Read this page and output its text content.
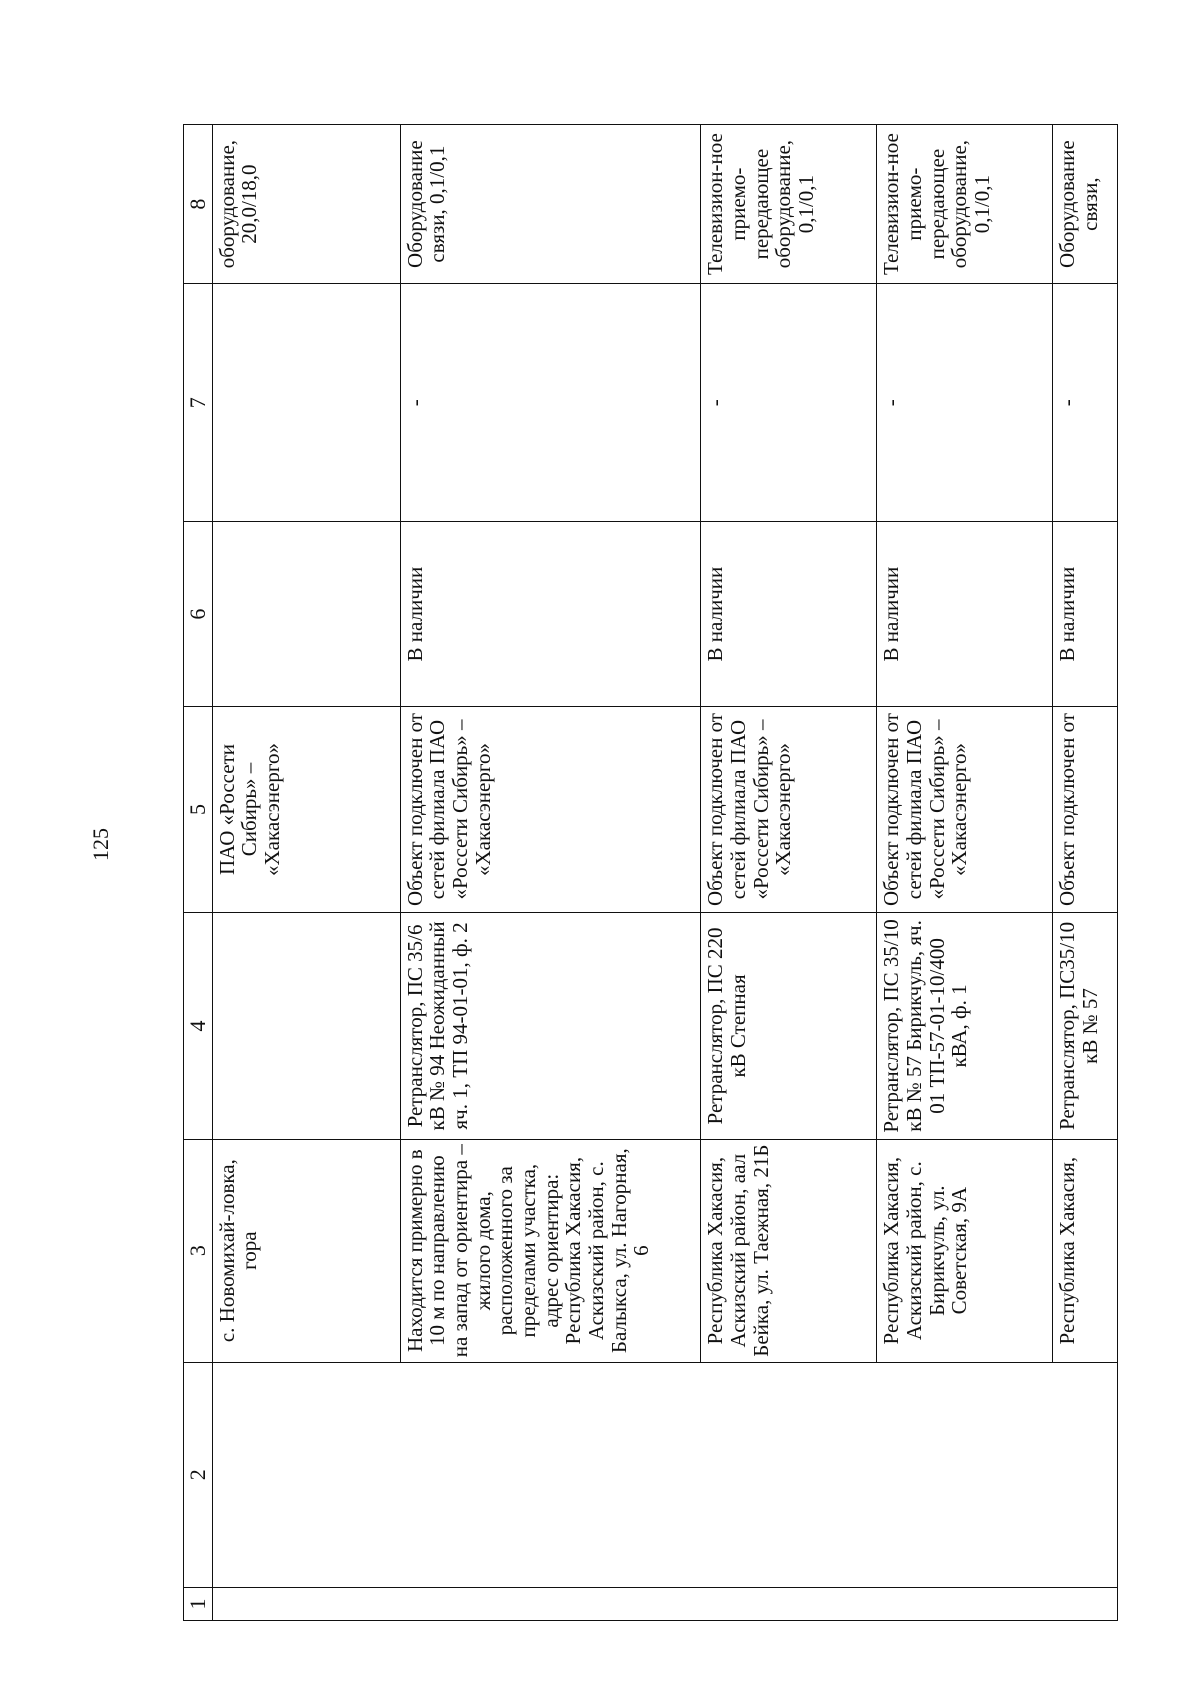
125
1	2	3	4	5	6	7	8
		с. Новомихай-ловка, гора		ПАО «Россети Сибирь» – «Хакасэнерго»			оборудование, 20,0/18,0
		Находится примерно в 10 м по направлению на запад от ориентира – жилого дома, расположенного за пределами участка, адрес ориентира: Республика Хакасия, Аскизский район, с. Балыкса, ул. Нагорная, 6	Ретранслятор, ПС 35/6 кВ № 94 Неожиданный яч. 1, ТП 94-01-01, ф. 2	Объект подключен от сетей филиала ПАО «Россети Сибирь» – «Хакасэнерго»	В наличии	-	Оборудование связи, 0,1/0,1
		Республика Хакасия, Аскизский район, аал Бейка, ул. Таежная, 21Б	Ретранслятор, ПС 220 кВ Степная	Объект подключен от сетей филиала ПАО «Россети Сибирь» – «Хакасэнерго»	В наличии	-	Телевизион-ное приемо-передающее оборудование, 0,1/0,1
		Республика Хакасия, Аскизский район, с. Бирикчуль, ул. Советская, 9А	Ретранслятор, ПС 35/10 кВ № 57 Бирикчуль, яч. 01 ТП-57-01-10/400 кВА, ф. 1	Объект подключен от сетей филиала ПАО «Россети Сибирь» – «Хакасэнерго»	В наличии	-	Телевизион-ное приемо-передающее оборудование, 0,1/0,1
		Республика Хакасия,	Ретранслятор, ПС35/10 кВ № 57	Объект подключен от	В наличии	-	Оборудование связи,
